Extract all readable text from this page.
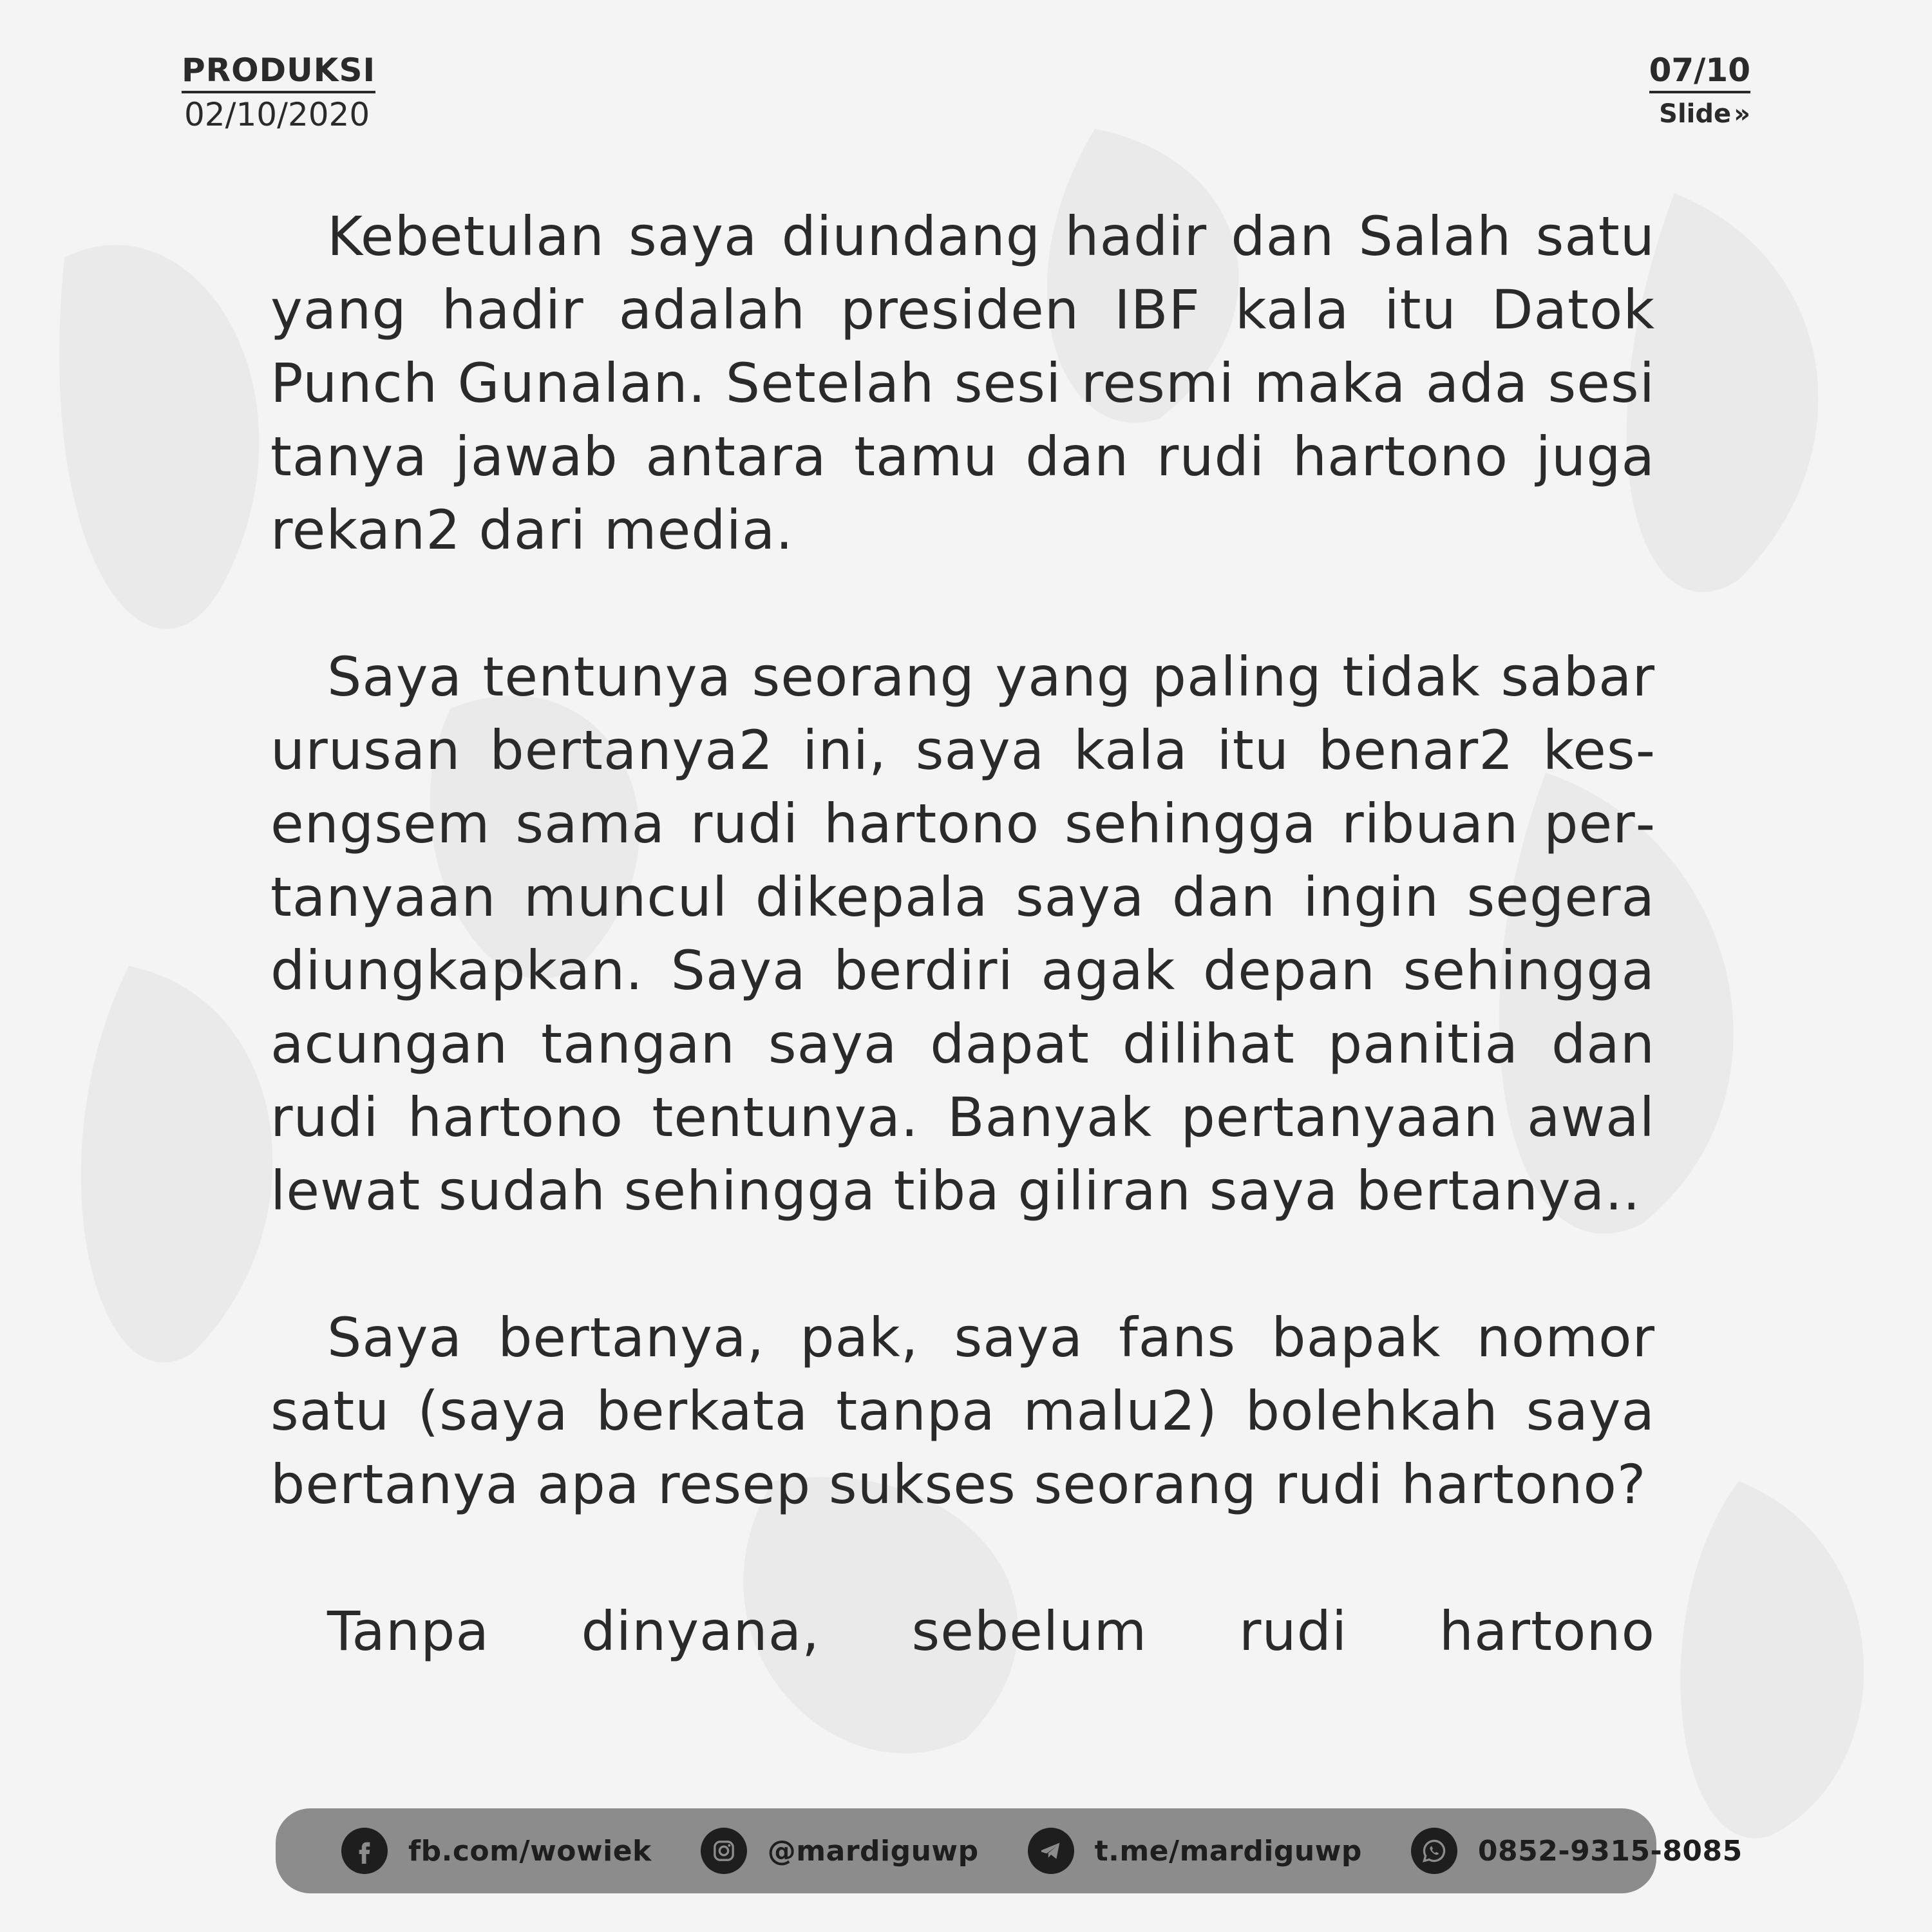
PRODUKSI
02/10/2020
07/10
Slide »

Kebetulan saya diundang hadir dan Salah satu yang hadir adalah presiden IBF kala itu Datok Punch Gunalan. Setelah sesi resmi maka ada sesi tanya jawab antara tamu dan rudi hartono juga rekan2 dari media.

Saya tentunya seorang yang paling tidak sabar urusan bertanya2 ini, saya kala itu benar2 kesengsem sama rudi hartono sehingga ribuan pertanyaan muncul dikepala saya dan ingin segera diungkapkan. Saya berdiri agak depan sehingga acungan tangan saya dapat dilihat panitia dan rudi hartono tentunya. Banyak pertanyaan awal lewat sudah sehingga tiba giliran saya bertanya..

Saya bertanya, pak, saya fans bapak nomor satu (saya berkata tanpa malu2) bolehkah saya bertanya apa resep sukses seorang rudi hartono?

Tanpa dinyana, sebelum rudi hartono

fb.com/wowiek	@mardiguwp	t.me/mardiguwp	0852-9315-8085
